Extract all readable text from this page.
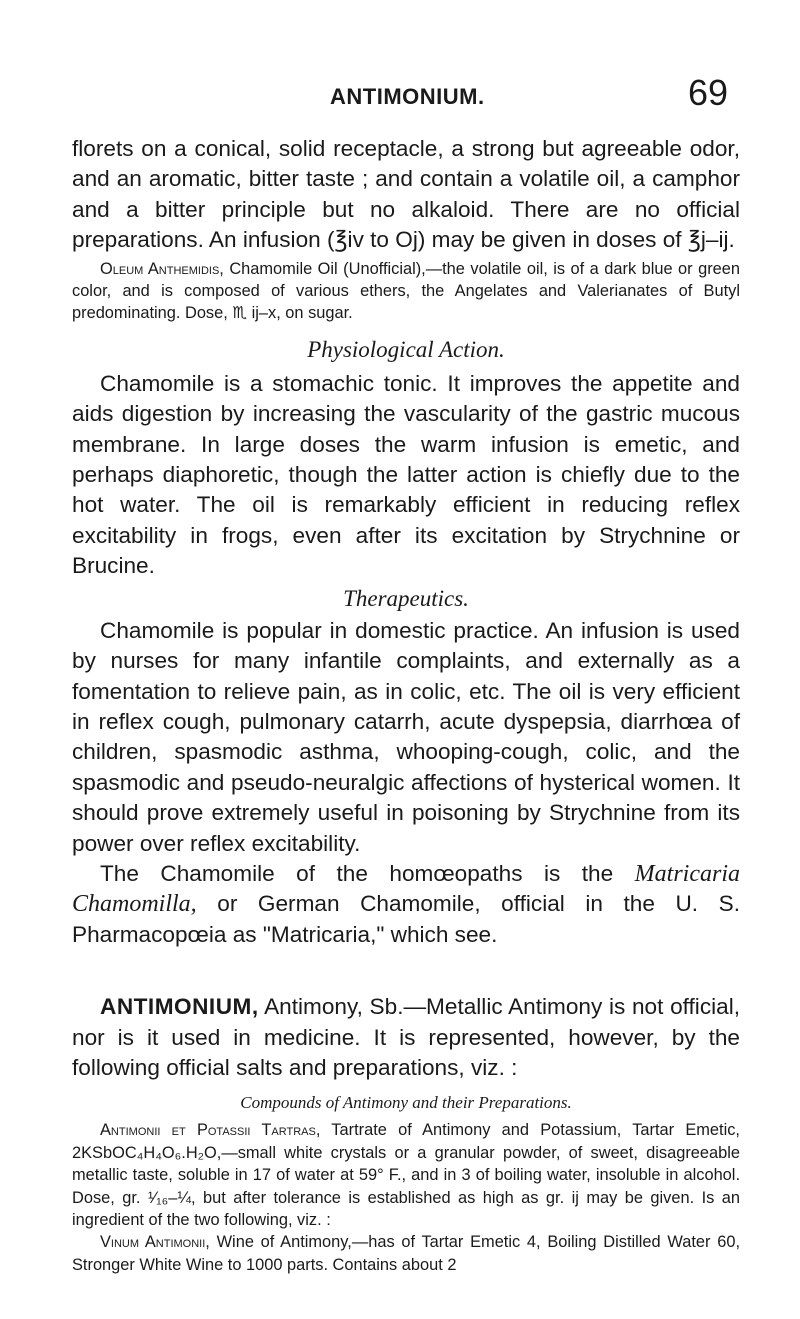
ANTIMONIUM.	69

florets on a conical, solid receptacle, a strong but agreeable odor, and an aromatic, bitter taste ; and contain a volatile oil, a camphor and a bitter principle but no alkaloid. There are no official preparations. An infusion (℥iv to Oj) may be given in doses of ℥j–ij.

Oleum Anthemidis, Chamomile Oil (Unofficial),—the volatile oil, is of a dark blue or green color, and is composed of various ethers, the Angelates and Valerianates of Butyl predominating. Dose, ♏ ij–x, on sugar.

Physiological Action.

Chamomile is a stomachic tonic. It improves the appetite and aids digestion by increasing the vascularity of the gastric mucous membrane. In large doses the warm infusion is emetic, and perhaps diaphoretic, though the latter action is chiefly due to the hot water. The oil is remarkably efficient in reducing reflex excitability in frogs, even after its excitation by Strychnine or Brucine.

Therapeutics.

Chamomile is popular in domestic practice. An infusion is used by nurses for many infantile complaints, and externally as a fomentation to relieve pain, as in colic, etc. The oil is very efficient in reflex cough, pulmonary catarrh, acute dyspepsia, diarrhœa of children, spasmodic asthma, whooping-cough, colic, and the spasmodic and pseudo-neuralgic affections of hysterical women. It should prove extremely useful in poisoning by Strychnine from its power over reflex excitability.

The Chamomile of the homœopaths is the Matricaria Chamomilla, or German Chamomile, official in the U. S. Pharmacopœia as "Matricaria," which see.

ANTIMONIUM, Antimony, Sb.—Metallic Antimony is not official, nor is it used in medicine. It is represented, however, by the following official salts and preparations, viz. :

Compounds of Antimony and their Preparations.

Antimonii et Potassii Tartras, Tartrate of Antimony and Potassium, Tartar Emetic, 2KSbOC₄H₄O₆.H₂O,—small white crystals or a granular powder, of sweet, disagreeable metallic taste, soluble in 17 of water at 59° F., and in 3 of boiling water, insoluble in alcohol. Dose, gr. ¹⁄₁₆–¼, but after tolerance is established as high as gr. ij may be given. Is an ingredient of the two following, viz. :

Vinum Antimonii, Wine of Antimony,—has of Tartar Emetic 4, Boiling Distilled Water 60, Stronger White Wine to 1000 parts. Contains about 2
